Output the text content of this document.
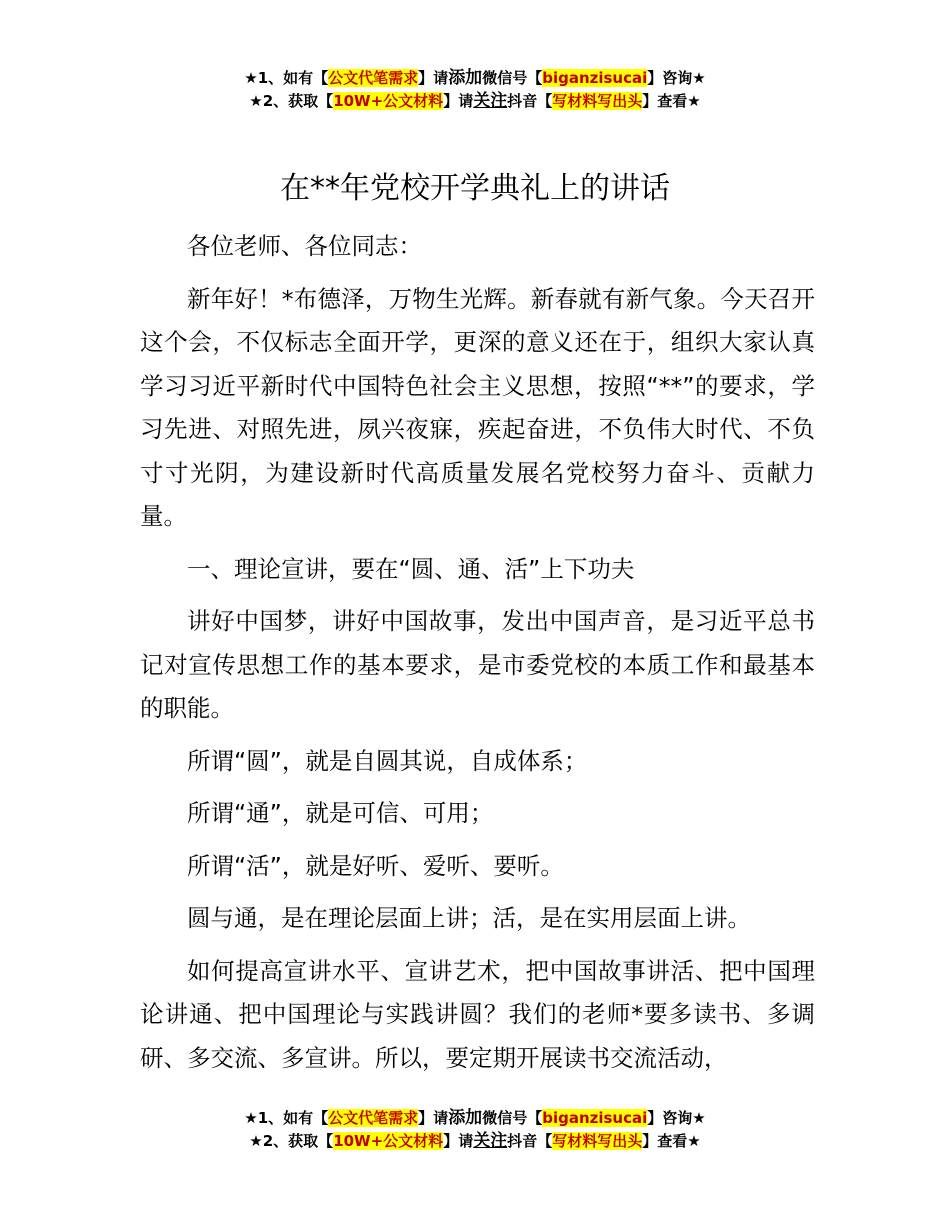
★1、如有【公文代笔需求】请添加微信号【biganzisucai】咨询★
★2、获取【10W+公文材料】请关注抖音【写材料写出头】查看★
在**年党校开学典礼上的讲话

各位老师、各位同志：

新年好！*布德泽，万物生光辉。新春就有新气象。今天召开这个会，不仅标志全面开学，更深的意义还在于，组织大家认真学习习近平新时代中国特色社会主义思想，按照“**”的要求，学习先进、对照先进，夙兴夜寐，疾起奋进，不负伟大时代、不负寸寸光阴，为建设新时代高质量发展名党校努力奋斗、贡献力量。

一、理论宣讲，要在“圆、通、活”上下功夫

讲好中国梦，讲好中国故事，发出中国声音，是习近平总书记对宣传思想工作的基本要求，是市委党校的本质工作和最基本的职能。

所谓“圆”，就是自圆其说，自成体系；

所谓“通”，就是可信、可用；

所谓“活”，就是好听、爱听、要听。

圆与通，是在理论层面上讲；活，是在实用层面上讲。

如何提高宣讲水平、宣讲艺术，把中国故事讲活、把中国理论讲通、把中国理论与实践讲圆？我们的老师*要多读书、多调研、多交流、多宣讲。所以，要定期开展读书交流活动，

★1、如有【公文代笔需求】请添加微信号【biganzisucai】咨询★
★2、获取【10W+公文材料】请关注抖音【写材料写出头】查看★
